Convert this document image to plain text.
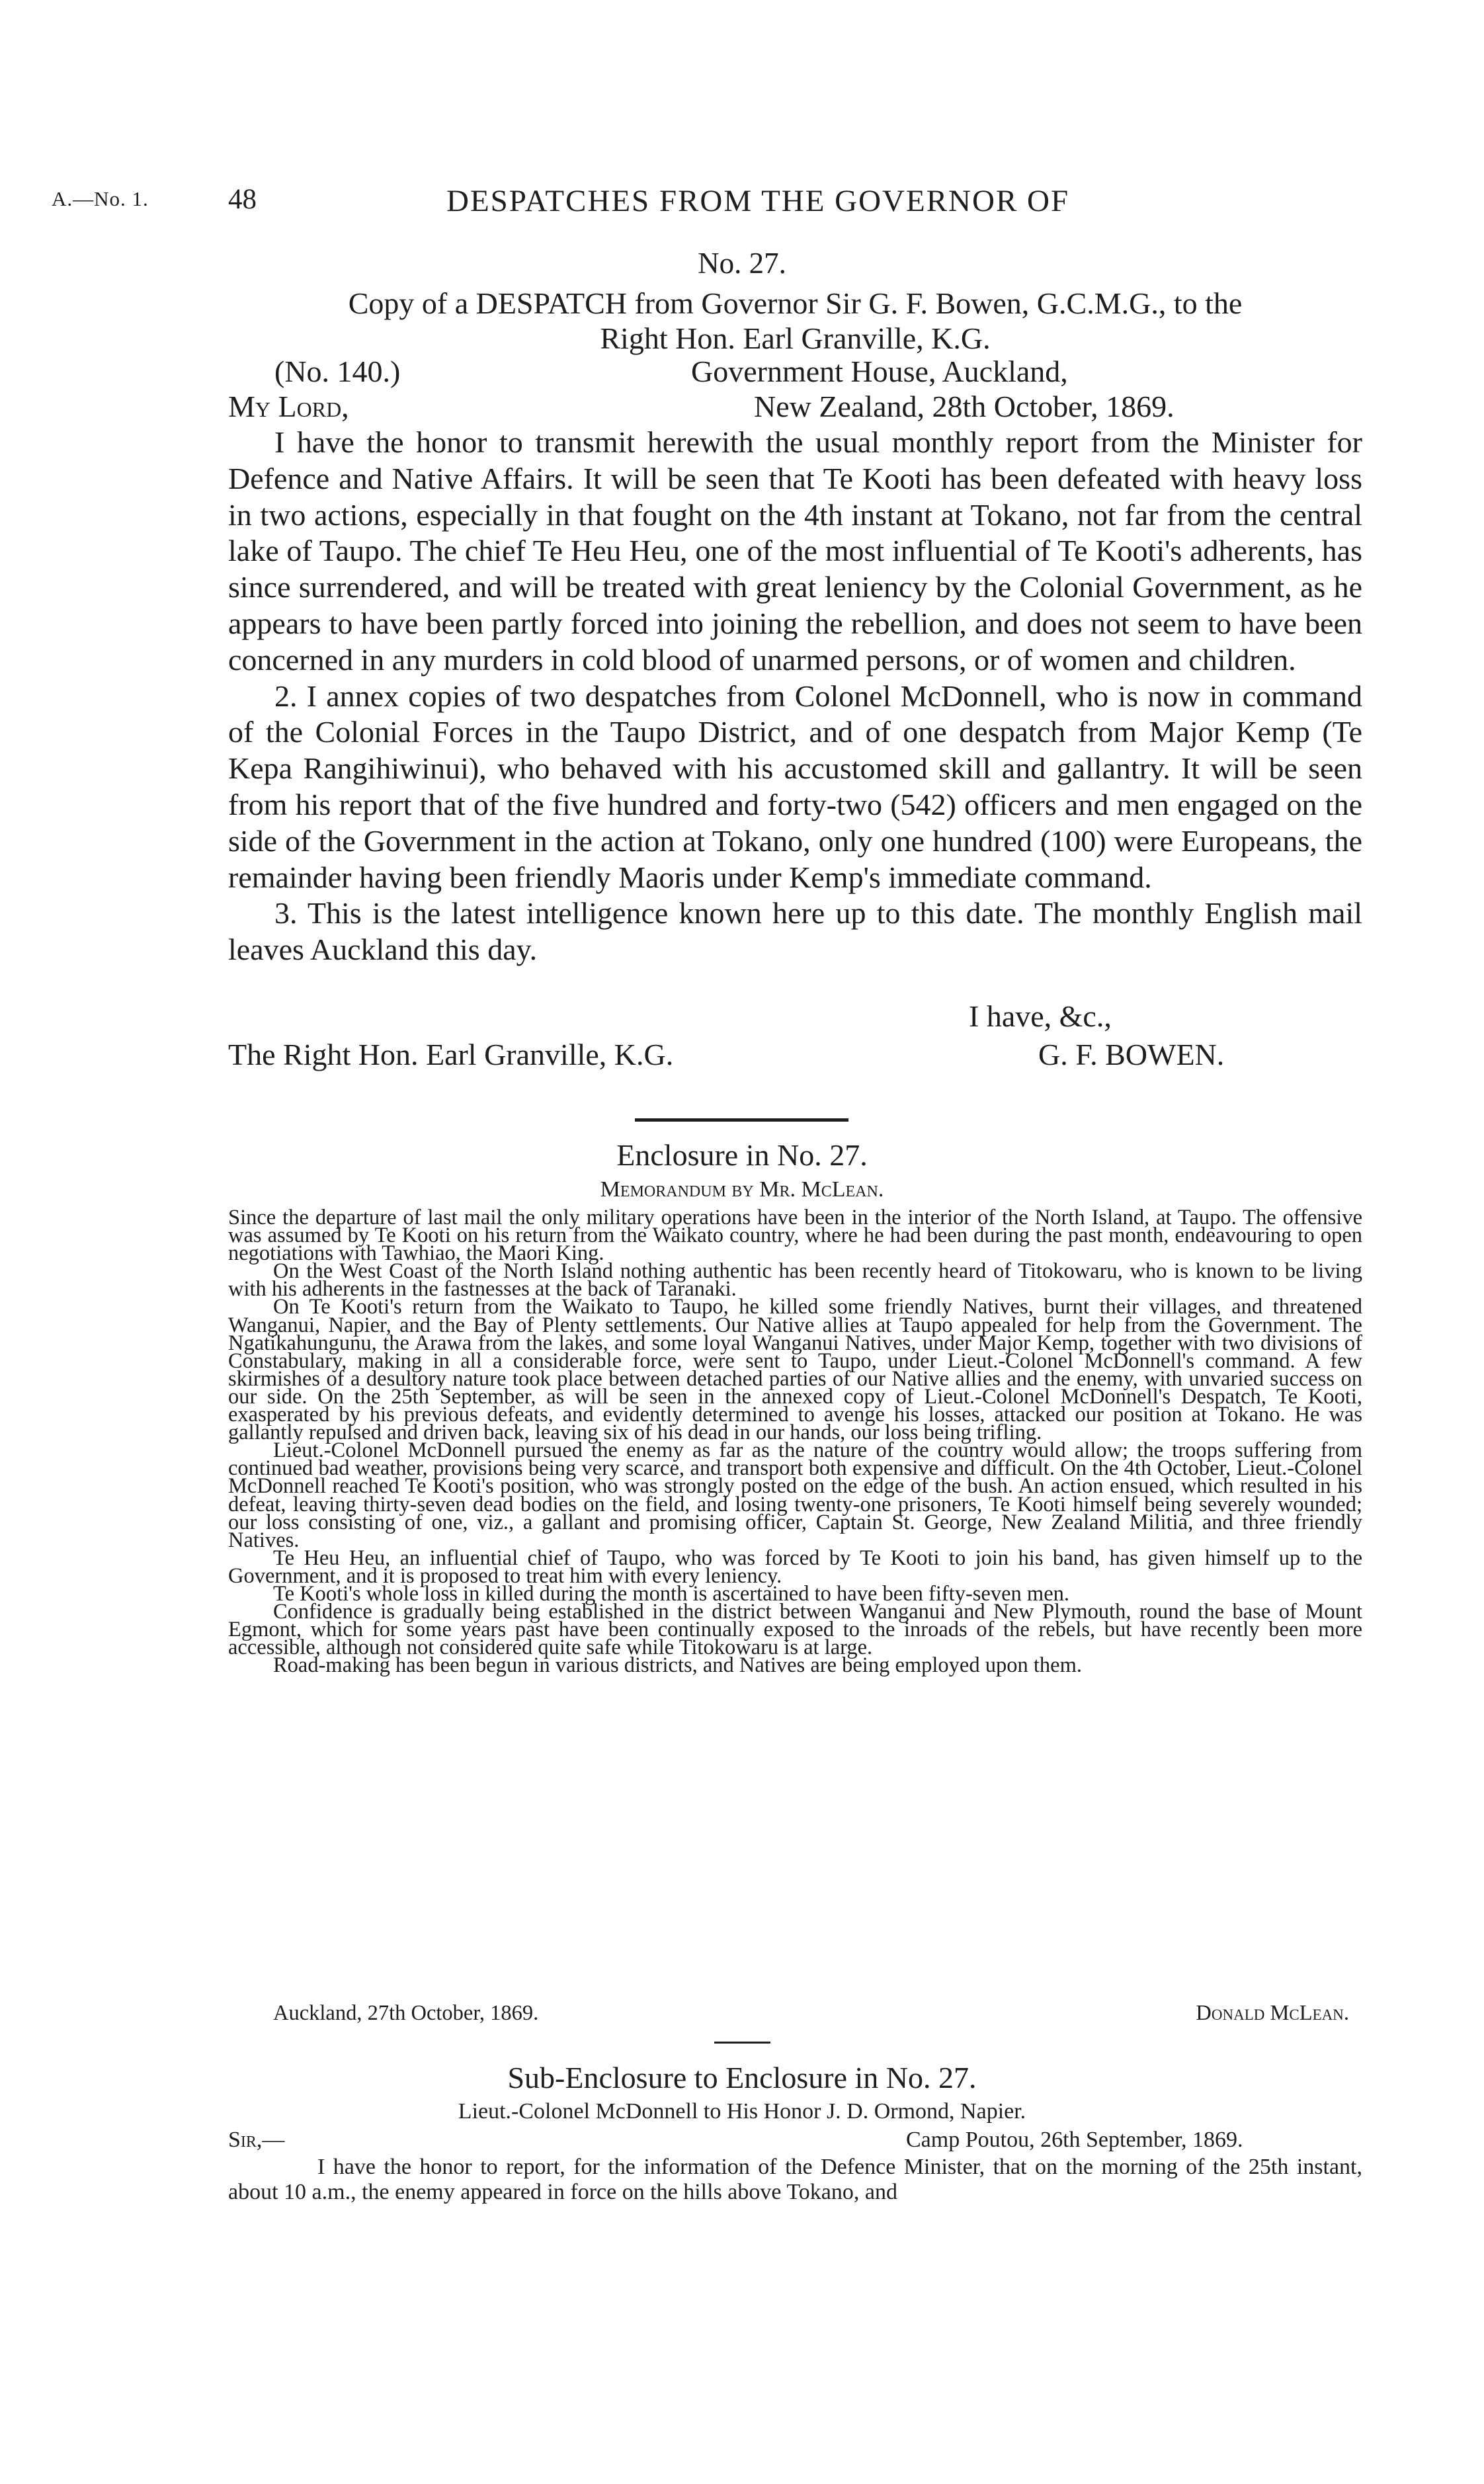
A.—No. 1.	48	DESPATCHES FROM THE GOVERNOR OF
No. 27.
Copy of a DESPATCH from Governor Sir G. F. Bowen, G.C.M.G., to the
Right Hon. Earl Granville, K.G.
(No. 140.)	Government House, Auckland,
My Lord,	New Zealand, 28th October, 1869.

I have the honor to transmit herewith the usual monthly report from the Minister for Defence and Native Affairs. It will be seen that Te Kooti has been defeated with heavy loss in two actions, especially in that fought on the 4th instant at Tokano, not far from the central lake of Taupo. The chief Te Heu Heu, one of the most influential of Te Kooti's adherents, has since surrendered, and will be treated with great leniency by the Colonial Government, as he appears to have been partly forced into joining the rebellion, and does not seem to have been concerned in any murders in cold blood of unarmed persons, or of women and children.

2. I annex copies of two despatches from Colonel McDonnell, who is now in command of the Colonial Forces in the Taupo District, and of one despatch from Major Kemp (Te Kepa Rangihiwinui), who behaved with his accustomed skill and gallantry. It will be seen from his report that of the five hundred and forty-two (542) officers and men engaged on the side of the Government in the action at Tokano, only one hundred (100) were Europeans, the remainder having been friendly Maoris under Kemp's immediate command.

3. This is the latest intelligence known here up to this date. The monthly English mail leaves Auckland this day.

I have, &c.,
The Right Hon. Earl Granville, K.G.	G. F. BOWEN.
Enclosure in No. 27.
Memorandum by Mr. McLean.

Since the departure of last mail the only military operations have been in the interior of the North Island, at Taupo. The offensive was assumed by Te Kooti on his return from the Waikato country, where he had been during the past month, endeavouring to open negotiations with Tawhiao, the Maori King.

On the West Coast of the North Island nothing authentic has been recently heard of Titokowaru, who is known to be living with his adherents in the fastnesses at the back of Taranaki.

On Te Kooti's return from the Waikato to Taupo, he killed some friendly Natives, burnt their villages, and threatened Wanganui, Napier, and the Bay of Plenty settlements. Our Native allies at Taupo appealed for help from the Government. The Ngatikahungunu, the Arawa from the lakes, and some loyal Wanganui Natives, under Major Kemp, together with two divisions of Constabulary, making in all a considerable force, were sent to Taupo, under Lieut.-Colonel McDonnell's command. A few skirmishes of a desultory nature took place between detached parties of our Native allies and the enemy, with unvaried success on our side. On the 25th September, as will be seen in the annexed copy of Lieut.-Colonel McDonnell's Despatch, Te Kooti, exasperated by his previous defeats, and evidently determined to avenge his losses, attacked our position at Tokano. He was gallantly repulsed and driven back, leaving six of his dead in our hands, our loss being trifling.

Lieut.-Colonel McDonnell pursued the enemy as far as the nature of the country would allow; the troops suffering from continued bad weather, provisions being very scarce, and transport both expensive and difficult. On the 4th October, Lieut.-Colonel McDonnell reached Te Kooti's position, who was strongly posted on the edge of the bush. An action ensued, which resulted in his defeat, leaving thirty-seven dead bodies on the field, and losing twenty-one prisoners, Te Kooti himself being severely wounded; our loss consisting of one, viz., a gallant and promising officer, Captain St. George, New Zealand Militia, and three friendly Natives.

Te Heu Heu, an influential chief of Taupo, who was forced by Te Kooti to join his band, has given himself up to the Government, and it is proposed to treat him with every leniency.

Te Kooti's whole loss in killed during the month is ascertained to have been fifty-seven men.

Confidence is gradually being established in the district between Wanganui and New Plymouth, round the base of Mount Egmont, which for some years past have been continually exposed to the inroads of the rebels, but have recently been more accessible, although not considered quite safe while Titokowaru is at large.

Road-making has been begun in various districts, and Natives are being employed upon them.

Auckland, 27th October, 1869.	Donald McLean.
Sub-Enclosure to Enclosure in No. 27.
Lieut.-Colonel McDonnell to His Honor J. D. Ormond, Napier.
Sir,—	Camp Poutou, 26th September, 1869.

I have the honor to report, for the information of the Defence Minister, that on the morning of the 25th instant, about 10 a.m., the enemy appeared in force on the hills above Tokano, and
